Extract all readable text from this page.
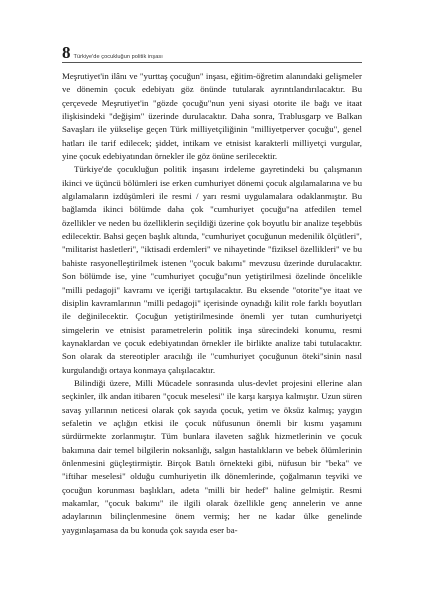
8 Türkiye'de çocukluğun politik inşası

Meşrutiyet'in ilânı ve "yurttaş çocuğun" inşası, eğitim-öğretim alanındaki gelişmeler ve dönemin çocuk edebiyatı göz önünde tutularak ayrıntılandırılacaktır. Bu çerçevede Meşrutiyet'in "gözde çocuğu"nun yeni siyasi otorite ile bağı ve itaat ilişkisindeki "değişim" üzerinde durulacaktır. Daha sonra, Trablusgarp ve Balkan Savaşları ile yükselişe geçen Türk milliyetçiliğinin "milliyetperver çocuğu", genel hatları ile tarif edilecek; şiddet, intikam ve etnisist karakterli milliyetçi vurgular, yine çocuk edebiyatından örnekler ile göz önüne serilecektir.

Türkiye'de çocukluğun politik inşasını irdeleme gayretindeki bu çalışmanın ikinci ve üçüncü bölümleri ise erken cumhuriyet dönemi çocuk algılamalarına ve bu algılamaların izdüşümleri ile resmi / yarı resmi uygulamalara odaklanmıştır. Bu bağlamda ikinci bölümde daha çok "cumhuriyet çocuğu"na atfedilen temel özellikler ve neden bu özelliklerin seçildiği üzerine çok boyutlu bir analize teşebbüs edilecektir. Bahsi geçen başlık altında, "cumhuriyet çocuğunun medenilik ölçütleri", "militarist hasletleri", "iktisadi erdemleri" ve nihayetinde "fiziksel özellikleri" ve bu bahiste rasyonelleştirilmek istenen "çocuk bakımı" mevzusu üzerinde durulacaktır. Son bölümde ise, yine "cumhuriyet çocuğu"nun yetiştirilmesi özelinde öncelikle "milli pedagoji" kavramı ve içeriği tartışılacaktır. Bu eksende "otorite"ye itaat ve disiplin kavramlarının "milli pedagoji" içerisinde oynadığı kilit role farklı boyutları ile değinilecektir. Çocuğun yetiştirilmesinde önemli yer tutan cumhuriyetçi simgelerin ve etnisist parametrelerin politik inşa sürecindeki konumu, resmi kaynaklardan ve çocuk edebiyatından örnekler ile birlikte analize tabi tutulacaktır. Son olarak da stereotipler aracılığı ile "cumhuriyet çocuğunun öteki"sinin nasıl kurgulandığı ortaya konmaya çalışılacaktır.

Bilindiği üzere, Milli Mücadele sonrasında ulus-devlet projesini ellerine alan seçkinler, ilk andan itibaren "çocuk meselesi" ile karşı karşıya kalmıştır. Uzun süren savaş yıllarının neticesi olarak çok sayıda çocuk, yetim ve öksüz kalmış; yaygın sefaletin ve açlığın etkisi ile çocuk nüfusunun önemli bir kısmı yaşamını sürdürmekte zorlanmıştır. Tüm bunlara ilaveten sağlık hizmetlerinin ve çocuk bakımına dair temel bilgilerin noksanlığı, salgın hastalıkların ve bebek ölümlerinin önlenmesini güçleştirmiştir. Birçok Batılı örnekteki gibi, nüfusun bir "beka" ve "iftihar meselesi" olduğu cumhuriyetin ilk dönemlerinde, çoğalmanın teşviki ve çocuğun korunması başlıkları, adeta "milli bir hedef" haline gelmiştir. Resmi makamlar, "çocuk bakımı" ile ilgili olarak özellikle genç annelerin ve anne adaylarının bilinçlenmesine önem vermiş; her ne kadar ülke genelinde yaygınlaşamasa da bu konuda çok sayıda eser ba-
